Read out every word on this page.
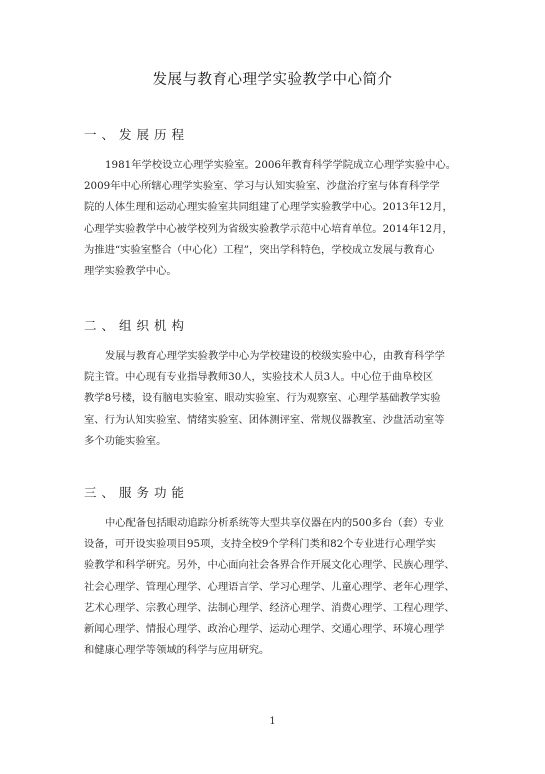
发展与教育心理学实验教学中心简介
一、发展历程
1981年学校设立心理学实验室。2006年教育科学学院成立心理学实验中心。
2009年中心所辖心理学实验室、学习与认知实验室、沙盘治疗室与体育科学学
院的人体生理和运动心理实验室共同组建了心理学实验教学中心。2013年12月，
心理学实验教学中心被学校列为省级实验教学示范中心培育单位。2014年12月，
为推进“实验室整合（中心化）工程”，突出学科特色，学校成立发展与教育心
理学实验教学中心。
二、组织机构
发展与教育心理学实验教学中心为学校建设的校级实验中心，由教育科学学
院主管。中心现有专业指导教师30人，实验技术人员3人。中心位于曲阜校区
教学8号楼，设有脑电实验室、眼动实验室、行为观察室、心理学基础教学实验
室、行为认知实验室、情绪实验室、团体测评室、常规仪器教室、沙盘活动室等
多个功能实验室。
三、服务功能
中心配备包括眼动追踪分析系统等大型共享仪器在内的500多台（套）专业
设备，可开设实验项目95项，支持全校9个学科门类和82个专业进行心理学实
验教学和科学研究。另外，中心面向社会各界合作开展文化心理学、民族心理学、
社会心理学、管理心理学、心理语言学、学习心理学、儿童心理学、老年心理学、
艺术心理学、宗教心理学、法制心理学、经济心理学、消费心理学、工程心理学、
新闻心理学、情报心理学、政治心理学、运动心理学、交通心理学、环境心理学
和健康心理学等领域的科学与应用研究。
1
